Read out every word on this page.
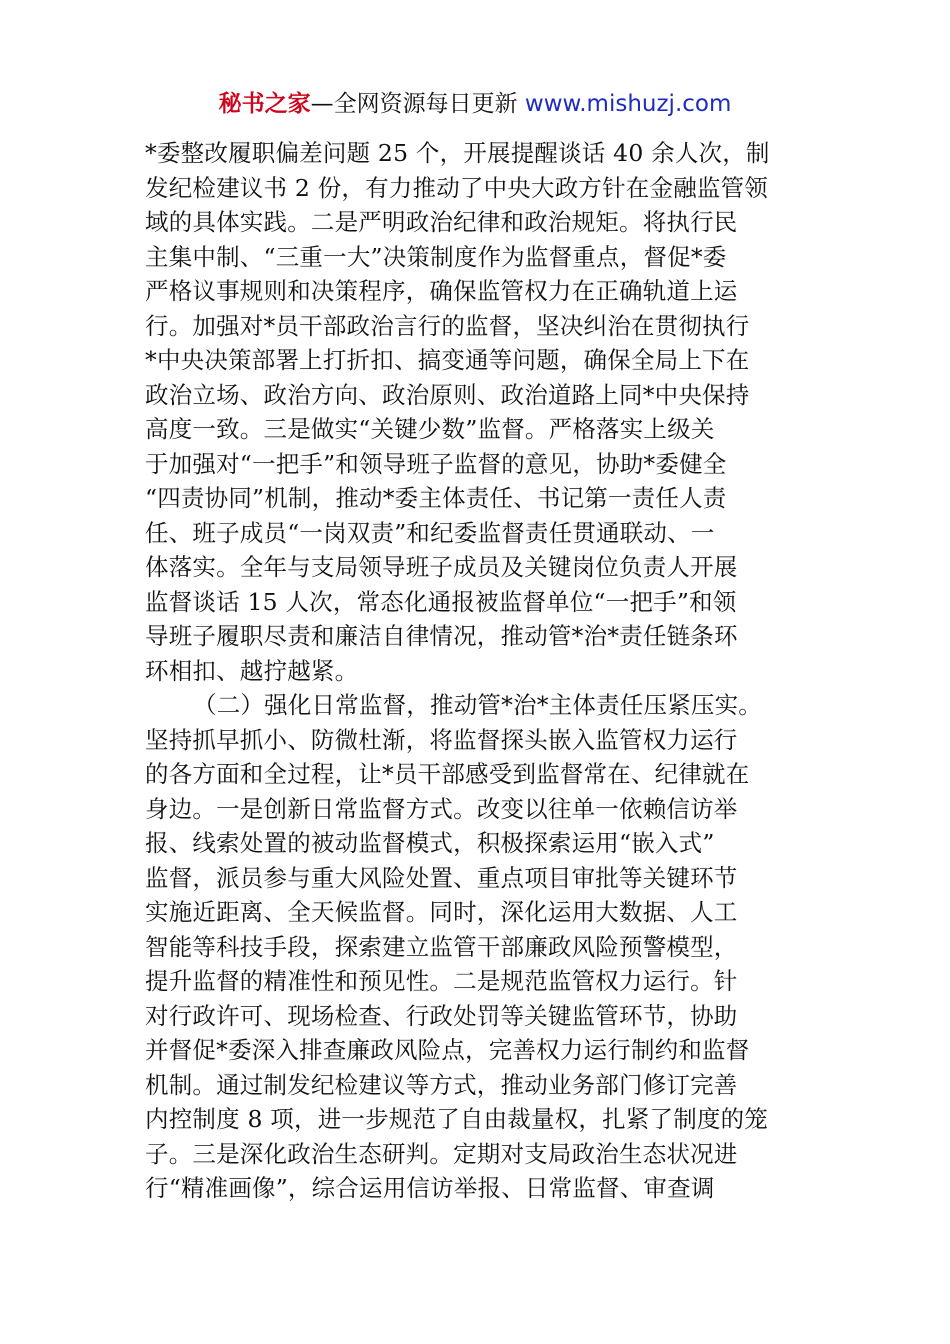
秘书之家—全网资源每日更新 www.mishuzj.com
*委整改履职偏差问题 25 个，开展提醒谈话 40 余人次，制
发纪检建议书 2 份，有力推动了中央大政方针在金融监管领
域的具体实践。二是严明政治纪律和政治规矩。将执行民
主集中制、“三重一大”决策制度作为监督重点，督促*委
严格议事规则和决策程序，确保监管权力在正确轨道上运
行。加强对*员干部政治言行的监督，坚决纠治在贯彻执行
*中央决策部署上打折扣、搞变通等问题，确保全局上下在
政治立场、政治方向、政治原则、政治道路上同*中央保持
高度一致。三是做实“关键少数”监督。严格落实上级关
于加强对“一把手”和领导班子监督的意见，协助*委健全
“四责协同”机制，推动*委主体责任、书记第一责任人责
任、班子成员“一岗双责”和纪委监督责任贯通联动、一
体落实。全年与支局领导班子成员及关键岗位负责人开展
监督谈话 15 人次，常态化通报被监督单位“一把手”和领
导班子履职尽责和廉洁自律情况，推动管*治*责任链条环
环相扣、越拧越紧。
（二）强化日常监督，推动管*治*主体责任压紧压实。
坚持抓早抓小、防微杜渐，将监督探头嵌入监管权力运行
的各方面和全过程，让*员干部感受到监督常在、纪律就在
身边。一是创新日常监督方式。改变以往单一依赖信访举
报、线索处置的被动监督模式，积极探索运用“嵌入式”
监督，派员参与重大风险处置、重点项目审批等关键环节
实施近距离、全天候监督。同时，深化运用大数据、人工
智能等科技手段，探索建立监管干部廉政风险预警模型，
提升监督的精准性和预见性。二是规范监管权力运行。针
对行政许可、现场检查、行政处罚等关键监管环节，协助
并督促*委深入排查廉政风险点，完善权力运行制约和监督
机制。通过制发纪检建议等方式，推动业务部门修订完善
内控制度 8 项，进一步规范了自由裁量权，扎紧了制度的笼
子。三是深化政治生态研判。定期对支局政治生态状况进
行“精准画像”，综合运用信访举报、日常监督、审查调
